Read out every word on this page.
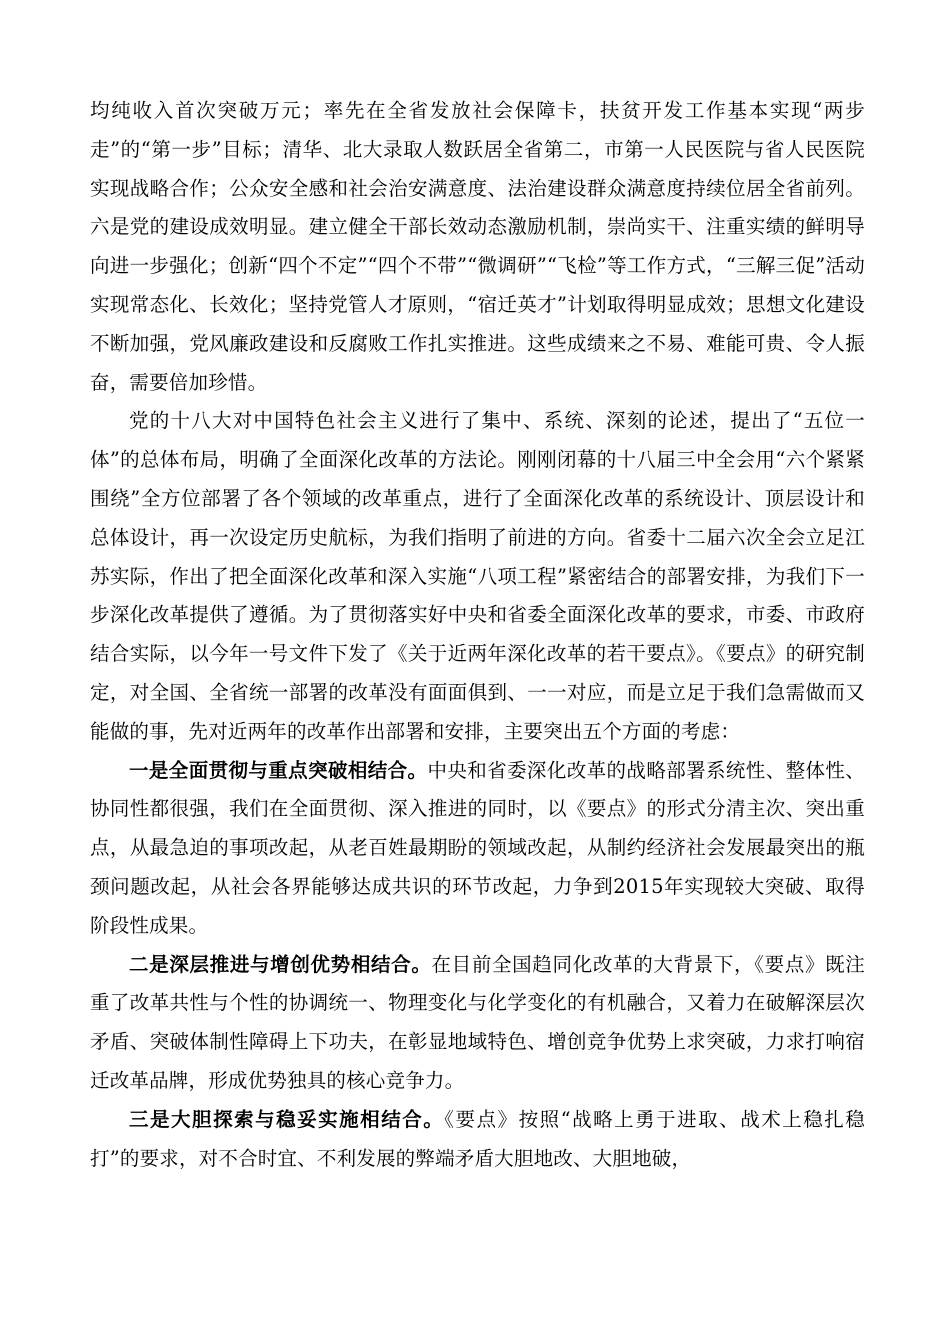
均纯收入首次突破万元；率先在全省发放社会保障卡，扶贫开发工作基本实现“两步走”的“第一步”目标；清华、北大录取人数跃居全省第二，市第一人民医院与省人民医院实现战略合作；公众安全感和社会治安满意度、法治建设群众满意度持续位居全省前列。六是党的建设成效明显。建立健全干部长效动态激励机制，崇尚实干、注重实绩的鲜明导向进一步强化；创新“四个不定”“四个不带”“微调研”“飞检”等工作方式，“三解三促”活动实现常态化、长效化；坚持党管人才原则，“宿迁英才”计划取得明显成效；思想文化建设不断加强，党风廉政建设和反腐败工作扎实推进。这些成绩来之不易、难能可贵、令人振奋，需要倍加珍惜。

党的十八大对中国特色社会主义进行了集中、系统、深刻的论述，提出了“五位一体”的总体布局，明确了全面深化改革的方法论。刚刚闭幕的十八届三中全会用“六个紧紧围绕”全方位部署了各个领域的改革重点，进行了全面深化改革的系统设计、顶层设计和总体设计，再一次设定历史航标，为我们指明了前进的方向。省委十二届六次全会立足江苏实际，作出了把全面深化改革和深入实施“八项工程”紧密结合的部署安排，为我们下一步深化改革提供了遵循。为了贯彻落实好中央和省委全面深化改革的要求，市委、市政府结合实际，以今年一号文件下发了《关于近两年深化改革的若干要点》。《要点》的研究制定，对全国、全省统一部署的改革没有面面俱到、一一对应，而是立足于我们急需做而又能做的事，先对近两年的改革作出部署和安排，主要突出五个方面的考虑：

一是全面贯彻与重点突破相结合。中央和省委深化改革的战略部署系统性、整体性、协同性都很强，我们在全面贯彻、深入推进的同时，以《要点》的形式分清主次、突出重点，从最急迫的事项改起，从老百姓最期盼的领域改起，从制约经济社会发展最突出的瓶颈问题改起，从社会各界能够达成共识的环节改起，力争到2015年实现较大突破、取得阶段性成果。

二是深层推进与增创优势相结合。在目前全国趋同化改革的大背景下，《要点》既注重了改革共性与个性的协调统一、物理变化与化学变化的有机融合，又着力在破解深层次矛盾、突破体制性障碍上下功夫，在彰显地域特色、增创竞争优势上求突破，力求打响宿迁改革品牌，形成优势独具的核心竞争力。

三是大胆探索与稳妥实施相结合。《要点》按照“战略上勇于进取、战术上稳扎稳打”的要求，对不合时宜、不利发展的弊端矛盾大胆地改、大胆地破，
